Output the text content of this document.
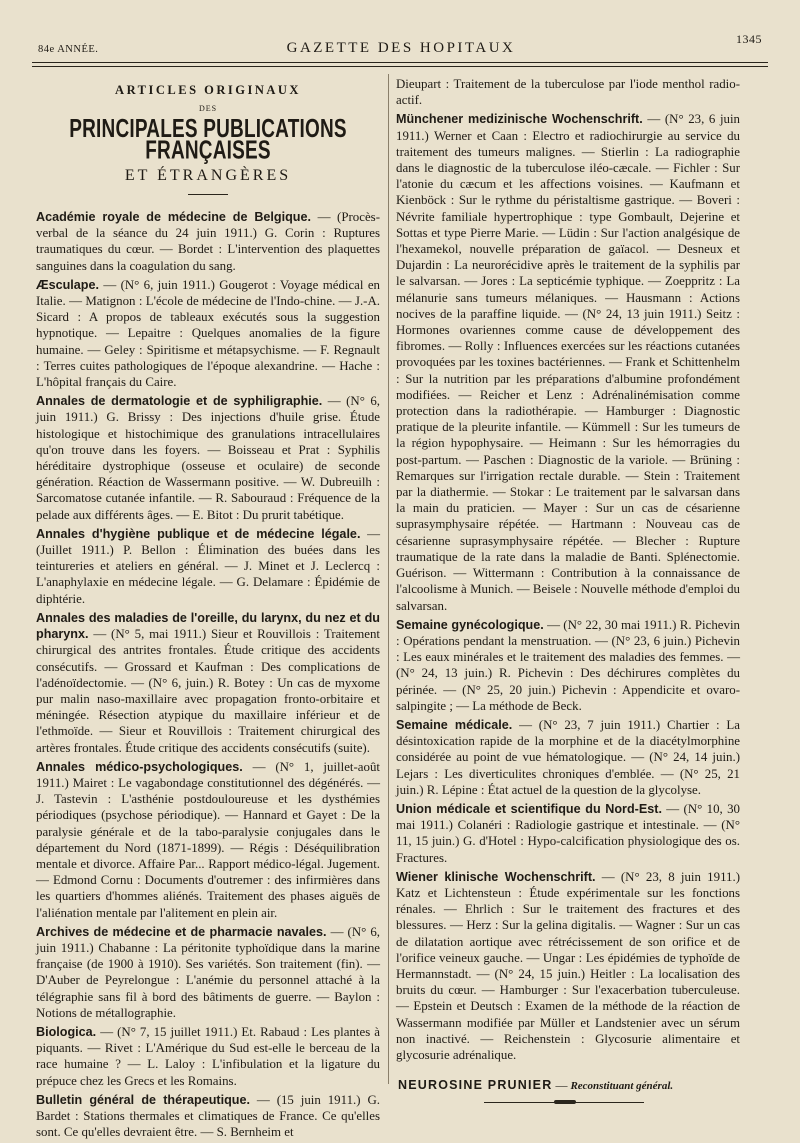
84e ANNÉE.	GAZETTE DES HOPITAUX
1345
ARTICLES ORIGINAUX
DES
PRINCIPALES PUBLICATIONS FRANÇAISES
ET ÉTRANGÈRES
Académie royale de médecine de Belgique. — (Procès-verbal de la séance du 24 juin 1911.) G. Corin : Ruptures traumatiques du cœur. — Bordet : L'intervention des plaquettes sanguines dans la coagulation du sang.
Æsculape. — (N° 6, juin 1911.) Gougerot : Voyage médical en Italie. — Matignon : L'école de médecine de l'Indo-chine. — J.-A. Sicard : A propos de tableaux exécutés sous la suggestion hypnotique. — Lepaitre : Quelques anomalies de la figure humaine. — Geley : Spiritisme et métapsychisme. — F. Regnault : Terres cuites pathologiques de l'époque alexandrine. — Hache : L'hôpital français du Caire.
Annales de dermatologie et de syphiligraphie. — (N° 6, juin 1911.) G. Brissy : Des injections d'huile grise. Étude histologique et histochimique des granulations intracellulaires qu'on trouve dans les foyers. — Boisseau et Prat : Syphilis héréditaire dystrophique (osseuse et oculaire) de seconde génération. Réaction de Wassermann positive. — W. Dubreuilh : Sarcomatose cutanée infantile. — R. Sabouraud : Fréquence de la pelade aux différents âges. — E. Bitot : Du prurit tabétique.
Annales d'hygiène publique et de médecine légale. — (Juillet 1911.) P. Bellon : Élimination des buées dans les teintureries et ateliers en général. — J. Minet et J. Leclercq : L'anaphylaxie en médecine légale. — G. Delamare : Épidémie de diphtérie.
Annales des maladies de l'oreille, du larynx, du nez et du pharynx. — (N° 5, mai 1911.) Sieur et Rouvillois : Traitement chirurgical des antrites frontales. Étude critique des accidents consécutifs. — Grossard et Kaufman : Des complications de l'adénoïdectomie. — (N° 6, juin.) R. Botey : Un cas de myxome pur malin naso-maxillaire avec propagation fronto-orbitaire et méningée. Résection atypique du maxillaire inférieur et de l'ethmoïde. — Sieur et Rouvillois : Traitement chirurgical des artères frontales. Étude critique des accidents consécutifs (suite).
Annales médico-psychologiques. — (N° 1, juillet-août 1911.) Mairet : Le vagabondage constitutionnel des dégénérés. — J. Tastevin : L'asthénie postdouloureuse et les dysthémies périodiques (psychose périodique). — Hannard et Gayet : De la paralysie générale et de la tabo-paralysie conjugales dans le département du Nord (1871-1899). — Régis : Déséquilibration mentale et divorce. Affaire Par... Rapport médico-légal. Jugement. — Edmond Cornu : Documents d'outremer : des infirmières dans les quartiers d'hommes aliénés. Traitement des phases aiguës de l'aliénation mentale par l'alitement en plein air.
Archives de médecine et de pharmacie navales. — (N° 6, juin 1911.) Chabanne : La péritonite typhoïdique dans la marine française (de 1900 à 1910). Ses variétés. Son traitement (fin). — D'Auber de Peyrelongue : L'anémie du personnel attaché à la télégraphie sans fil à bord des bâtiments de guerre. — Baylon : Notions de métallographie.
Biologica. — (N° 7, 15 juillet 1911.) Et. Rabaud : Les plantes à piquants. — Rivet : L'Amérique du Sud est-elle le berceau de la race humaine ? — L. Laloy : L'infibulation et la ligature du prépuce chez les Grecs et les Romains.
Bulletin général de thérapeutique. — (15 juin 1911.) G. Bardet : Stations thermales et climatiques de France. Ce qu'elles sont. Ce qu'elles devraient être. — S. Bernheim et
Dieupart : Traitement de la tuberculose par l'iode menthol radio-actif.
Münchener medizinische Wochenschrift. — (N° 23, 6 juin 1911.) Werner et Caan : Electro et radiochirurgie au service du traitement des tumeurs malignes. — Stierlin : La radiographie dans le diagnostic de la tuberculose iléo-cæcale. — Fichler : Sur l'atonie du cæcum et les affections voisines. — Kaufmann et Kienböck : Sur le rythme du péristaltisme gastrique. — Boveri : Névrite familiale hypertrophique : type Gombault, Dejerine et Sottas et type Pierre Marie. — Lüdin : Sur l'action analgésique de l'hexamekol, nouvelle préparation de gaïacol. — Desneux et Dujardin : La neurorécidive après le traitement de la syphilis par le salvarsan. — Jores : La septicémie typhique. — Zoeppritz : La mélanurie sans tumeurs mélaniques. — Hausmann : Actions nocives de la paraffine liquide. — (N° 24, 13 juin 1911.) Seitz : Hormones ovariennes comme cause de développement des fibromes. — Rolly : Influences exercées sur les réactions cutanées provoquées par les toxines bactériennes. — Frank et Schittenhelm : Sur la nutrition par les préparations d'albumine profondément modifiées. — Reicher et Lenz : Adrénalinémisation comme protection dans la radiothérapie. — Hamburger : Diagnostic pratique de la pleurite infantile. — Kümmell : Sur les tumeurs de la région hypophysaire. — Heimann : Sur les hémorragies du post-partum. — Paschen : Diagnostic de la variole. — Brüning : Remarques sur l'irrigation rectale durable. — Stein : Traitement par la diathermie. — Stokar : Le traitement par le salvarsan dans la main du praticien. — Mayer : Sur un cas de césarienne suprasymphysaire répétée. — Hartmann : Nouveau cas de césarienne suprasymphysaire répétée. — Blecher : Rupture traumatique de la rate dans la maladie de Banti. Splénectomie. Guérison. — Wittermann : Contribution à la connaissance de l'alcoolisme à Munich. — Beisele : Nouvelle méthode d'emploi du salvarsan.
Semaine gynécologique. — (N° 22, 30 mai 1911.) R. Pichevin : Opérations pendant la menstruation. — (N° 23, 6 juin.) Pichevin : Les eaux minérales et le traitement des maladies des femmes. — (N° 24, 13 juin.) R. Pichevin : Des déchirures complètes du périnée. — (N° 25, 20 juin.) Pichevin : Appendicite et ovaro-salpingite ; — La méthode de Beck.
Semaine médicale. — (N° 23, 7 juin 1911.) Chartier : La désintoxication rapide de la morphine et de la diacétylmorphine considérée au point de vue hématologique. — (N° 24, 14 juin.) Lejars : Les diverticulites chroniques d'emblée. — (N° 25, 21 juin.) R. Lépine : État actuel de la question de la glycolyse.
Union médicale et scientifique du Nord-Est. — (N° 10, 30 mai 1911.) Colanéri : Radiologie gastrique et intestinale. — (N° 11, 15 juin.) G. d'Hotel : Hypo-calcification physiologique des os. Fractures.
Wiener klinische Wochenschrift. — (N° 23, 8 juin 1911.) Katz et Lichtensteun : Étude expérimentale sur les fonctions rénales. — Ehrlich : Sur le traitement des fractures et des blessures. — Herz : Sur la gelina digitalis. — Wagner : Sur un cas de dilatation aortique avec rétrécissement de son orifice et de l'orifice veineux gauche. — Ungar : Les épidémies de typhoïde de Hermannstadt. — (N° 24, 15 juin.) Heitler : La localisation des bruits du cœur. — Hamburger : Sur l'exacerbation tuberculeuse. — Epstein et Deutsch : Examen de la méthode de la réaction de Wassermann modifiée par Müller et Landstenier avec un sérum non inactivé. — Reichenstein : Glycosurie alimentaire et glycosurie adrénalique.
NEUROSINE PRUNIER — Reconstituant général.
